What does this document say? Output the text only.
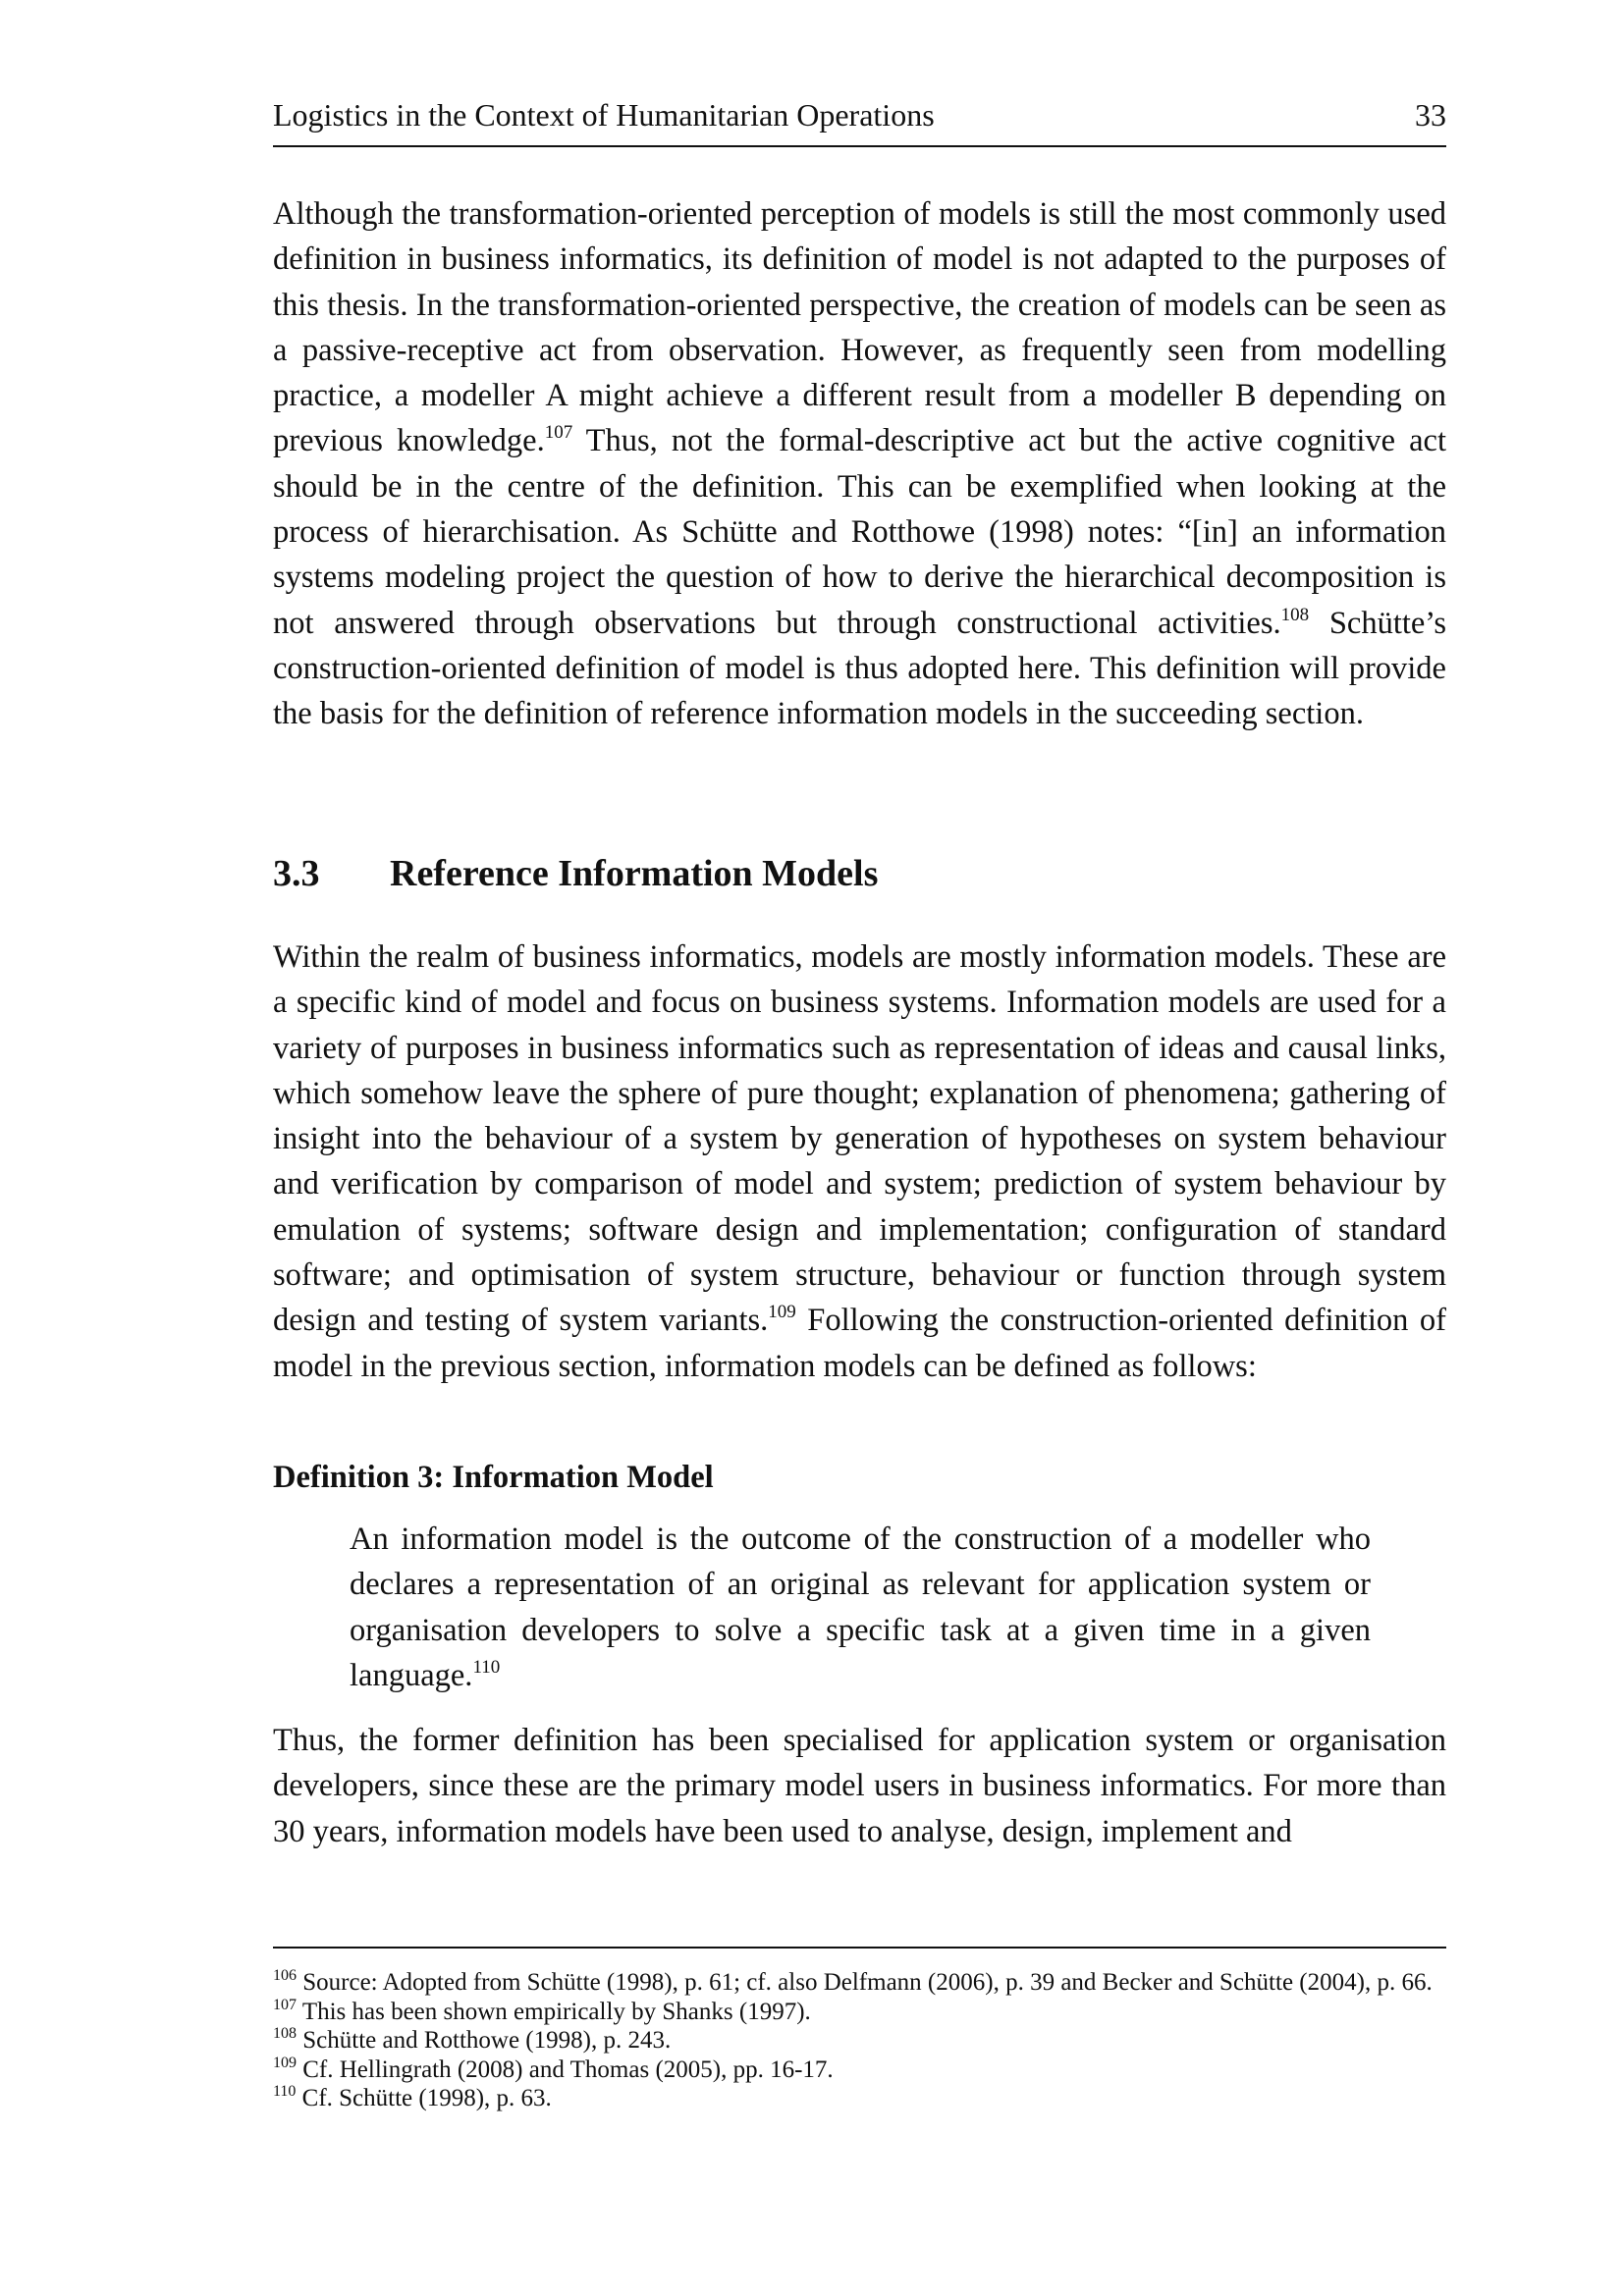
Logistics in the Context of Humanitarian Operations	33

Although the transformation-oriented perception of models is still the most commonly used definition in business informatics, its definition of model is not adapted to the purposes of this thesis. In the transformation-oriented perspective, the creation of models can be seen as a passive-receptive act from observation. However, as frequently seen from modelling practice, a modeller A might achieve a different result from a modeller B depending on previous knowledge.$^{107}$ Thus, not the formal-descriptive act but the active cognitive act should be in the centre of the definition. This can be exemplified when looking at the process of hierarchisation. As Schütte and Rotthowe (1998) notes: “[in] an information systems modeling project the question of how to derive the hierarchical decomposition is not answered through observations but through constructional activities.$^{108}$ Schütte’s construction-oriented definition of model is thus adopted here. This definition will provide the basis for the definition of reference information models in the succeeding section.

3.3 Reference Information Models

Within the realm of business informatics, models are mostly information models. These are a specific kind of model and focus on business systems. Information models are used for a variety of purposes in business informatics such as representation of ideas and causal links, which somehow leave the sphere of pure thought; explanation of phenomena; gathering of insight into the behaviour of a system by generation of hypotheses on system behaviour and verification by comparison of model and system; prediction of system behaviour by emulation of systems; software design and implementation; configuration of standard software; and optimisation of system structure, behaviour or function through system design and testing of system variants.$^{109}$ Following the construction-oriented definition of model in the previous section, information models can be defined as follows:

Definition 3: Information Model

An information model is the outcome of the construction of a modeller who declares a representation of an original as relevant for application system or organisation developers to solve a specific task at a given time in a given language.$^{110}$

Thus, the former definition has been specialised for application system or organisation developers, since these are the primary model users in business informatics. For more than 30 years, information models have been used to analyse, design, implement and

$^{106}$ Source: Adopted from Schütte (1998), p. 61; cf. also Delfmann (2006), p. 39 and Becker and Schütte (2004), p. 66.

$^{107}$ This has been shown empirically by Shanks (1997).

$^{108}$ Schütte and Rotthowe (1998), p. 243.

$^{109}$ Cf. Hellingrath (2008) and Thomas (2005), pp. 16-17.

$^{110}$ Cf. Schütte (1998), p. 63.
